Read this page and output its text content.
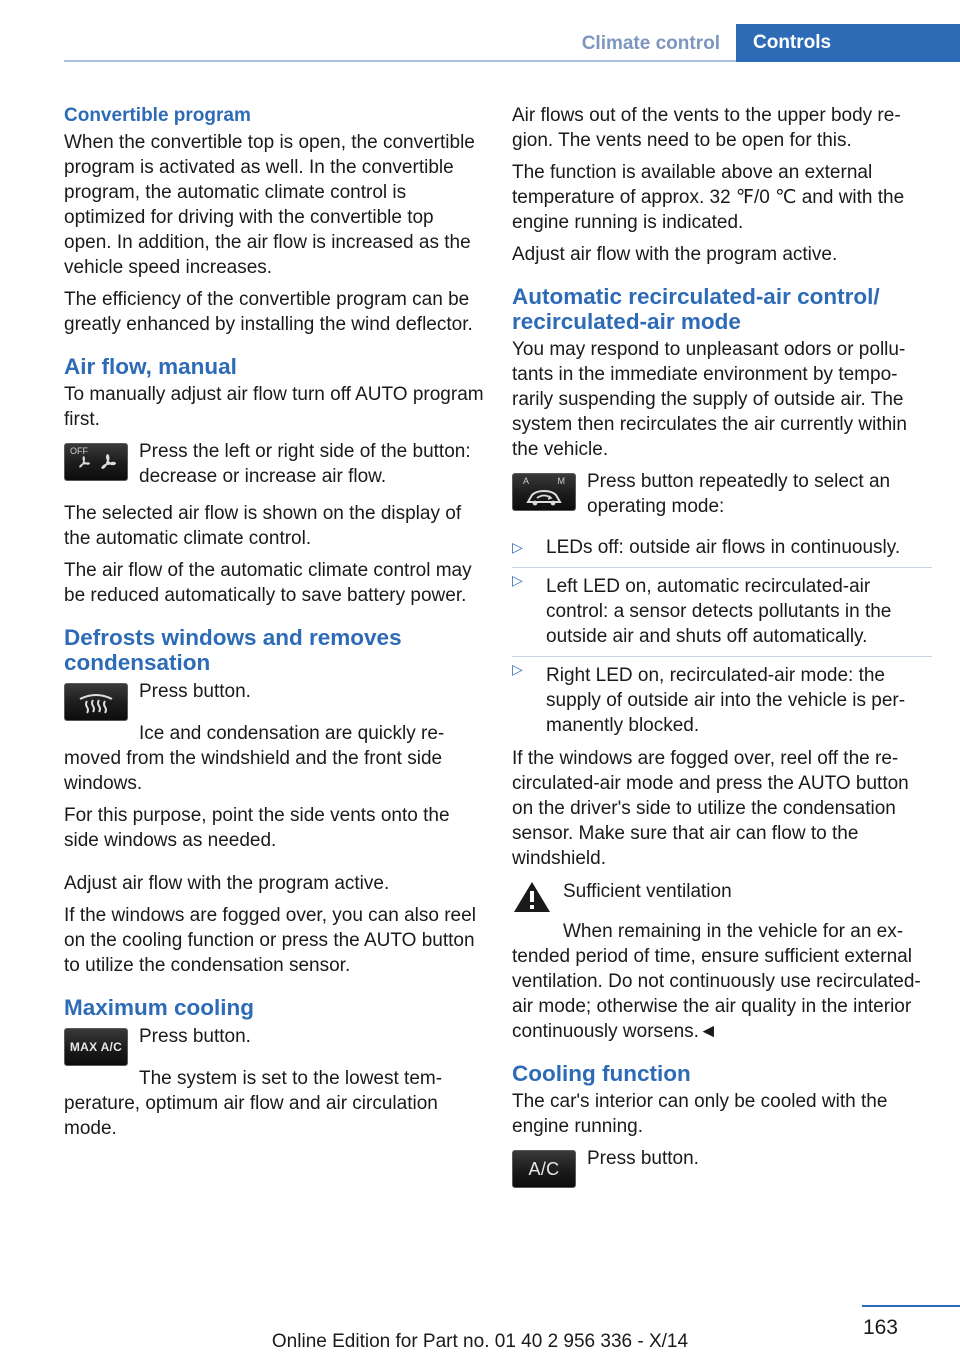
Climate control	Controls
Convertible program

When the convertible top is open, the convertible program is activated as well. In the convertible program, the automatic climate control is optimized for driving with the convertible top open. In addition, the air flow is increased as the vehicle speed increases.

The efficiency of the convertible program can be greatly enhanced by installing the wind deflector.

Air flow, manual

To manually adjust air flow turn off AUTO program first.

OFF	Press the left or right side of the button: decrease or increase air flow.

The selected air flow is shown on the display of the automatic climate control.

The air flow of the automatic climate control may be reduced automatically to save battery power.

Defrosts windows and removes condensation

Press button.

Ice and condensation are quickly removed from the windshield and the front side windows.

For this purpose, point the side vents onto the side windows as needed.

Adjust air flow with the program active.

If the windows are fogged over, you can also reel on the cooling function or press the AUTO button to utilize the condensation sensor.

Maximum cooling
MAX A/C Press button.

The system is set to the lowest temperature, optimum air flow and air circulation mode.

Air flows out of the vents to the upper body region. The vents need to be open for this.

The function is available above an external temperature of approx. 32 ℉/0 ℃ and with the engine running is indicated.

Adjust air flow with the program active.

Automatic recirculated-air control/ recirculated-air mode

You may respond to unpleasant odors or pollutants in the immediate environment by temporarily suspending the supply of outside air. The system then recirculates the air currently within the vehicle.

A	M Press button repeatedly to select an operating mode:

▷ LEDs off: outside air flows in continuously.
▷ Left LED on, automatic recirculated-air control: a sensor detects pollutants in the outside air and shuts off automatically.
▷ Right LED on, recirculated-air mode: the supply of outside air into the vehicle is permanently blocked.

If the windows are fogged over, reel off the recirculated-air mode and press the AUTO button on the driver's side to utilize the condensation sensor. Make sure that air can flow to the windshield.

Sufficient ventilation

When remaining in the vehicle for an extended period of time, ensure sufficient external ventilation. Do not continuously use recirculated-air mode; otherwise the air quality in the interior continuously worsens.◄

Cooling function

The car's interior can only be cooled with the engine running.

A/C Press button.

163
Online Edition for Part no. 01 40 2 956 336 - X/14
